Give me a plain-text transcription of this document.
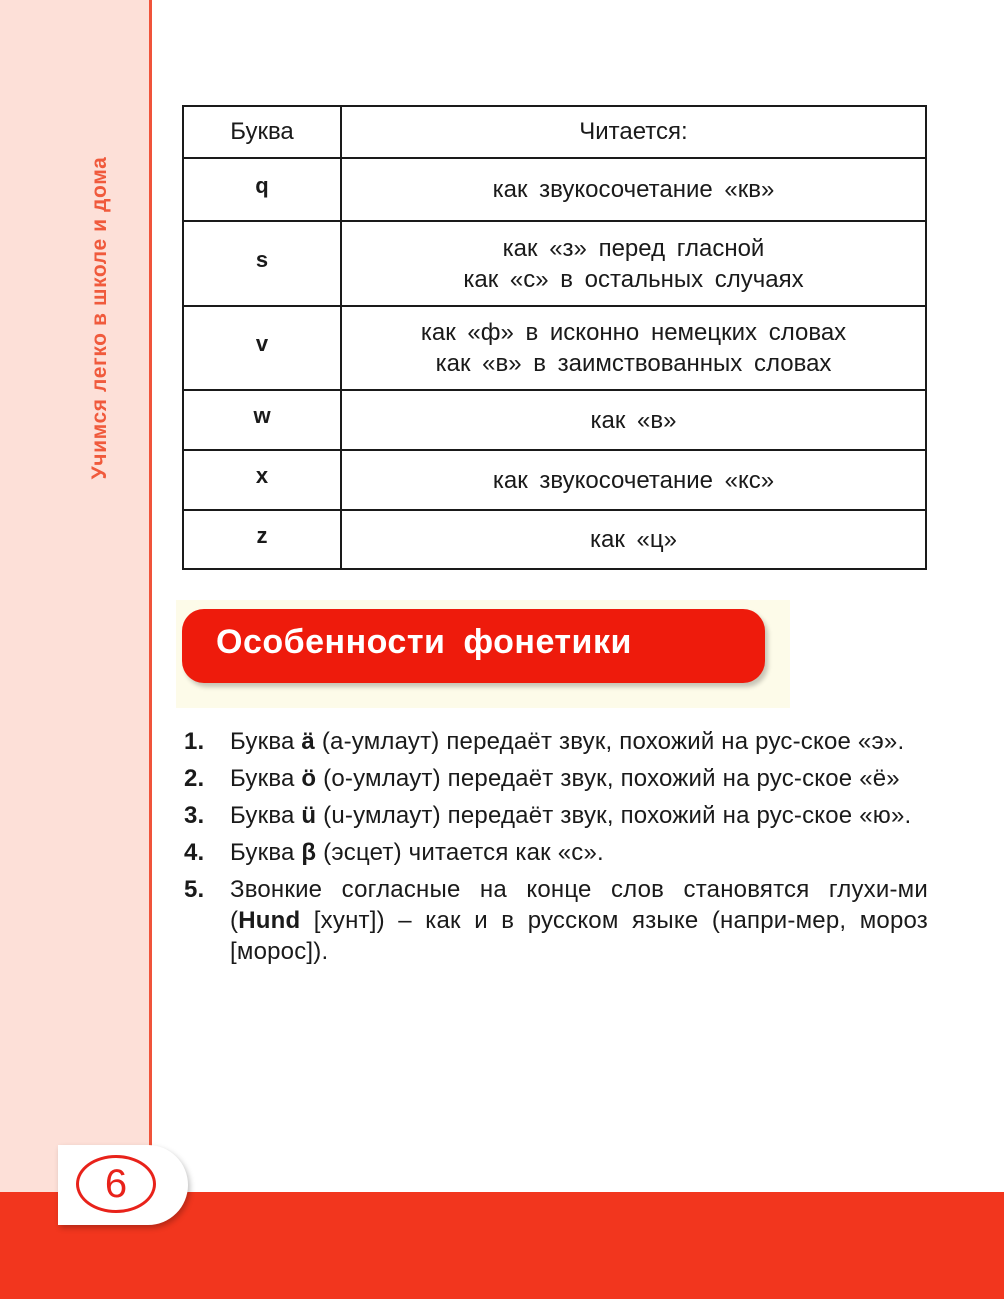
Учимся легко в школе и дома
Буква	Читается:
q	как звукосочетание «кв»

s	как «з» перед гласной
как «с» в остальных случаях

v	как «ф» в исконно немецких словах
как «в» в заимствованных словах

w	как «в»

x	как звукосочетание «кс»

z	как «ц»
Особенности фонетики
1. Буква ä (а-умлаут) передаёт звук, похожий на рус-ское «э».
2. Буква ö (о-умлаут) передаёт звук, похожий на рус-ское «ё»
3. Буква ü (u-умлаут) передаёт звук, похожий на рус-ское «ю».
4. Буква β (эсцет) читается как «с».
5. Звонкие согласные на конце слов становятся глухи-ми (Hund [хунт]) – как и в русском языке (напри-мер, мороз [морос]).
6
